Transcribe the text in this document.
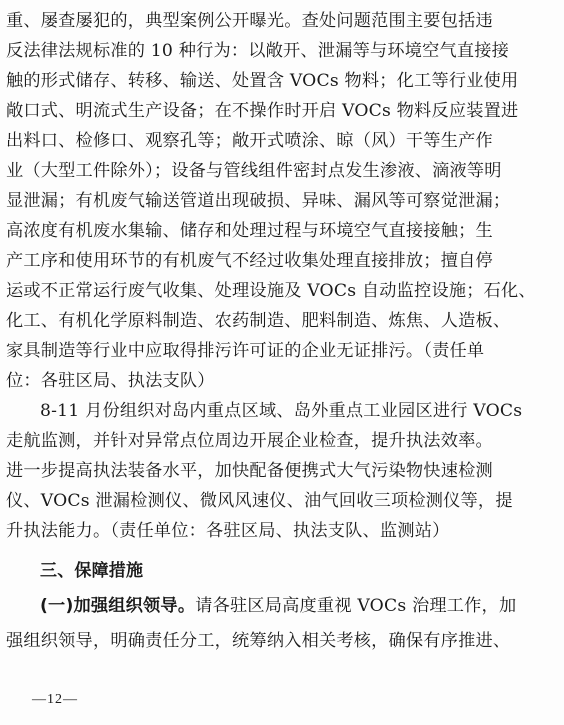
重、屡查屡犯的，典型案例公开曝光。查处问题范围主要包括违
反法律法规标准的 10 种行为：以敞开、泄漏等与环境空气直接接
触的形式储存、转移、输送、处置含 VOCs 物料；化工等行业使用
敞口式、明流式生产设备；在不操作时开启 VOCs 物料反应装置进
出料口、检修口、观察孔等；敞开式喷涂、晾（风）干等生产作
业（大型工件除外）；设备与管线组件密封点发生渗液、滴液等明
显泄漏；有机废气输送管道出现破损、异味、漏风等可察觉泄漏；
高浓度有机废水集输、储存和处理过程与环境空气直接接触；生
产工序和使用环节的有机废气不经过收集处理直接排放；擅自停
运或不正常运行废气收集、处理设施及 VOCs 自动监控设施；石化、
化工、有机化学原料制造、农药制造、肥料制造、炼焦、人造板、
家具制造等行业中应取得排污许可证的企业无证排污。（责任单
位：各驻区局、执法支队）
8-11 月份组织对岛内重点区域、岛外重点工业园区进行 VOCs
走航监测，并针对异常点位周边开展企业检查，提升执法效率。
进一步提高执法装备水平，加快配备便携式大气污染物快速检测
仪、VOCs 泄漏检测仪、微风风速仪、油气回收三项检测仪等，提
升执法能力。（责任单位：各驻区局、执法支队、监测站）
三、保障措施
(一)加强组织领导。请各驻区局高度重视 VOCs 治理工作，加
强组织领导，明确责任分工，统筹纳入相关考核，确保有序推进、
—12—
